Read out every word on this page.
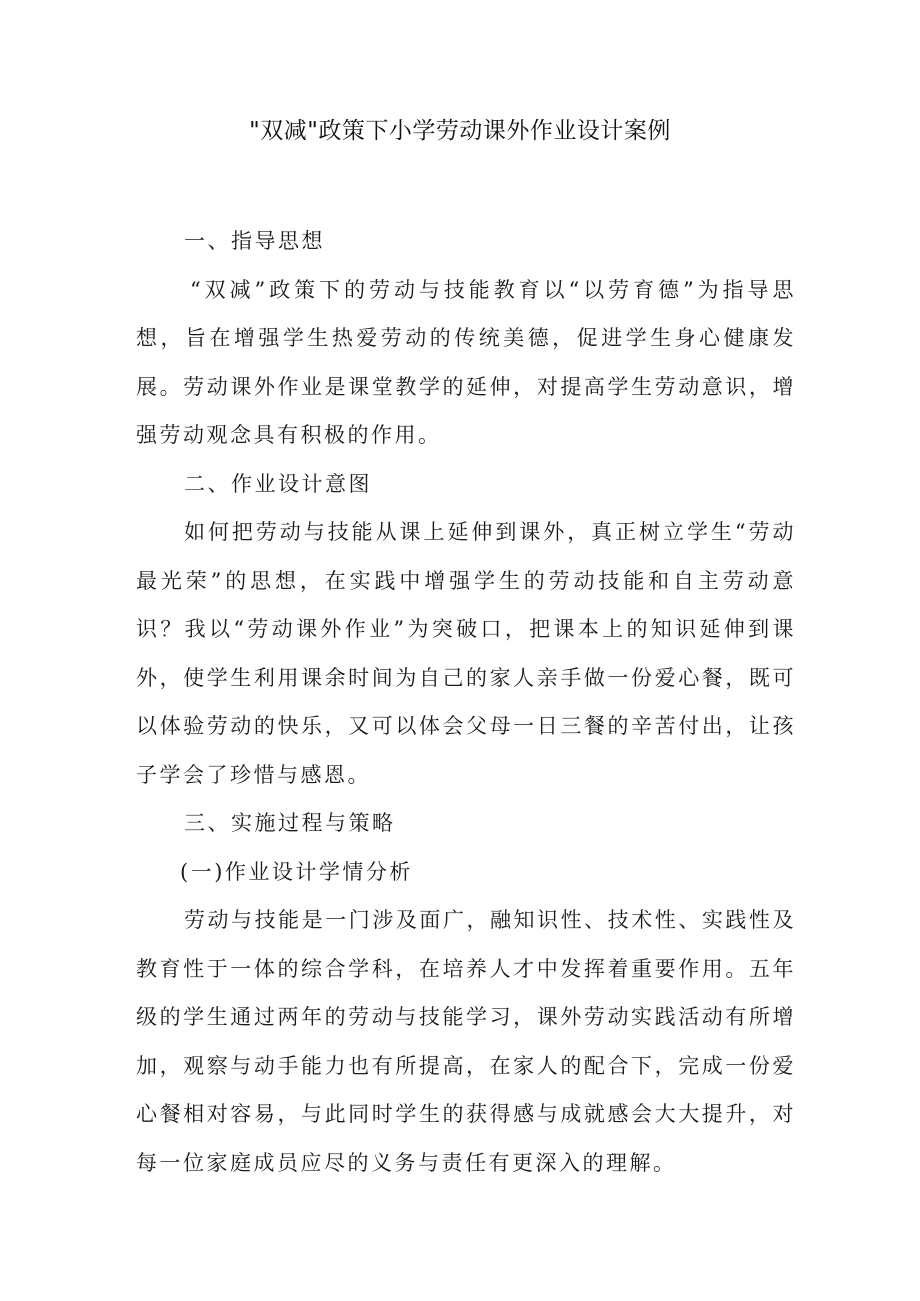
"双减"政策下小学劳动课外作业设计案例

一、指导思想

“双减”政策下的劳动与技能教育以“以劳育德”为指导思想，旨在增强学生热爱劳动的传统美德，促进学生身心健康发展。劳动课外作业是课堂教学的延伸，对提高学生劳动意识，增强劳动观念具有积极的作用。

二、作业设计意图

如何把劳动与技能从课上延伸到课外，真正树立学生“劳动最光荣”的思想，在实践中增强学生的劳动技能和自主劳动意识？我以“劳动课外作业”为突破口，把课本上的知识延伸到课外，使学生利用课余时间为自己的家人亲手做一份爱心餐，既可以体验劳动的快乐，又可以体会父母一日三餐的辛苦付出，让孩子学会了珍惜与感恩。

三、实施过程与策略

(一)作业设计学情分析

劳动与技能是一门涉及面广，融知识性、技术性、实践性及教育性于一体的综合学科，在培养人才中发挥着重要作用。五年级的学生通过两年的劳动与技能学习，课外劳动实践活动有所增加，观察与动手能力也有所提高，在家人的配合下，完成一份爱心餐相对容易，与此同时学生的获得感与成就感会大大提升，对每一位家庭成员应尽的义务与责任有更深入的理解。
